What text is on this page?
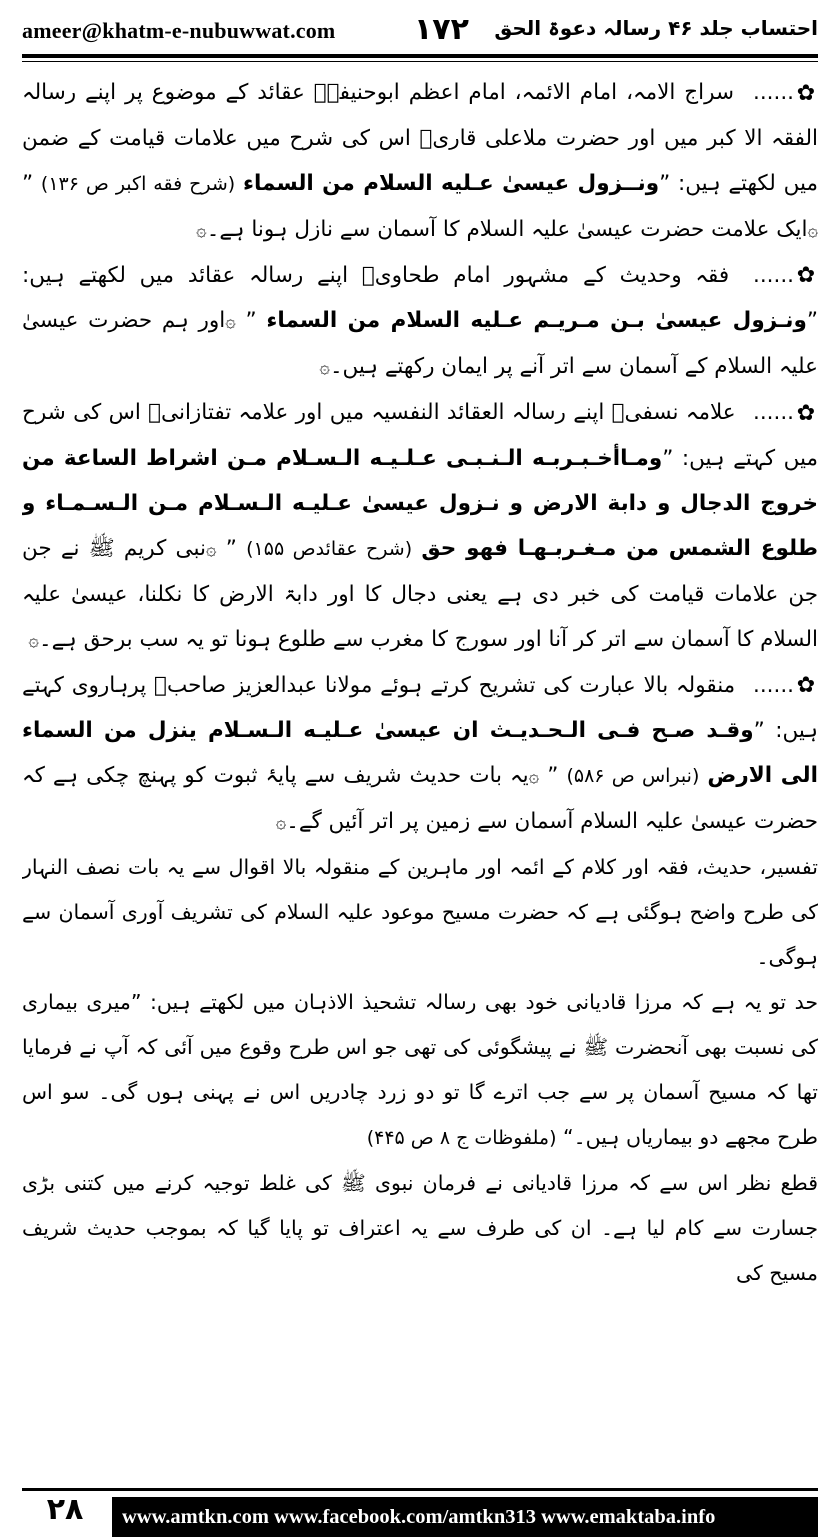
ameer@khatm-e-nubuwwat.com	١٧٢ احتساب جلد ۴۶ رسالہ دعوۃ الحق

✿...... سراج الامہ، امام الائمہ، امام اعظم ابوحنیفہؒ عقائد کے موضوع پر اپنے رسالہ الفقہ الا کبر میں اور حضرت ملاعلی قاریؒ اس کی شرح میں علامات قیامت کے ضمن میں لکھتے ہیں: ”ونــزول عیسیٰ عـلیه السلام من السماء (شرح فقه اکبر ص ۱۳۶) ” ۞ایک علامت حضرت عیسیٰ علیہ السلام کا آسمان سے نازل ہونا ہے۔۞

✿...... فقہ وحدیث کے مشہور امام طحاویؒ اپنے رسالہ عقائد میں لکھتے ہیں: ”ونـزول عیسیٰ بـن مـریـم عـلیه السلام من السماء ” ۞اور ہم حضرت عیسیٰ علیہ السلام کے آسمان سے اتر آنے پر ایمان رکھتے ہیں۔۞

✿...... علامہ نسفیؒ اپنے رسالہ العقائد النفسیہ میں اور علامہ تفتازانیؒ اس کی شرح میں کہتے ہیں: ”ومـاأخـبـربـه الـنـبـی عـلـیـه الـسـلام مـن اشراط الساعة من خروج الدجال و دابة الارض و نـزول عیسیٰ عـلیـه الـسـلام مـن الـسـمـاء و طلوع الشمس من مـغـربـهـا فهو حق (شرح عقائدص ۱۵۵) ” ۞نبی کریم ﷺ نے جن جن علامات قیامت کی خبر دی ہے یعنی دجال کا اور دابۃ الارض کا نکلنا، عیسیٰ علیہ السلام کا آسمان سے اتر کر آنا اور سورج کا مغرب سے طلوع ہونا تو یہ سب برحق ہے۔۞

✿...... منقولہ بالا عبارت کی تشریح کرتے ہوئے مولانا عبدالعزیز صاحبؒ پرہاروی کہتے ہیں: ”وقـد صـح فـی الـحـدیـث ان عیسیٰ عـلیـه الـسـلام ینزل من السماء الی الارض (نبراس ص ۵۸۶) ” ۞یہ بات حدیث شریف سے پایۂ ثبوت کو پہنچ چکی ہے کہ حضرت عیسیٰ علیہ السلام آسمان سے زمین پر اتر آئیں گے۔۞

تفسیر، حدیث، فقہ اور کلام کے ائمہ اور ماہرین کے منقولہ بالا اقوال سے یہ بات نصف النہار کی طرح واضح ہوگئی ہے کہ حضرت مسیح موعود علیہ السلام کی تشریف آوری آسمان سے ہوگی۔

حد تو یہ ہے کہ مرزا قادیانی خود بھی رسالہ تشحیذ الاذہان میں لکھتے ہیں: ”میری بیماری کی نسبت بھی آنحضرت ﷺ نے پیشگوئی کی تھی جو اس طرح وقوع میں آئی کہ آپ نے فرمایا تھا کہ مسیح آسمان پر سے جب اترے گا تو دو زرد چادریں اس نے پہنی ہوں گی۔ سو اس طرح مجھے دو بیماریاں ہیں۔“ (ملفوظات ج ۸ ص ۴۴۵)

قطع نظر اس سے کہ مرزا قادیانی نے فرمان نبوی ﷺ کی غلط توجیہ کرنے میں کتنی بڑی جسارت سے کام لیا ہے۔ ان کی طرف سے یہ اعتراف تو پایا گیا کہ بموجب حدیث شریف مسیح کی

۲۸	www.amtkn.com www.facebook.com/amtkn313 www.emaktaba.info
